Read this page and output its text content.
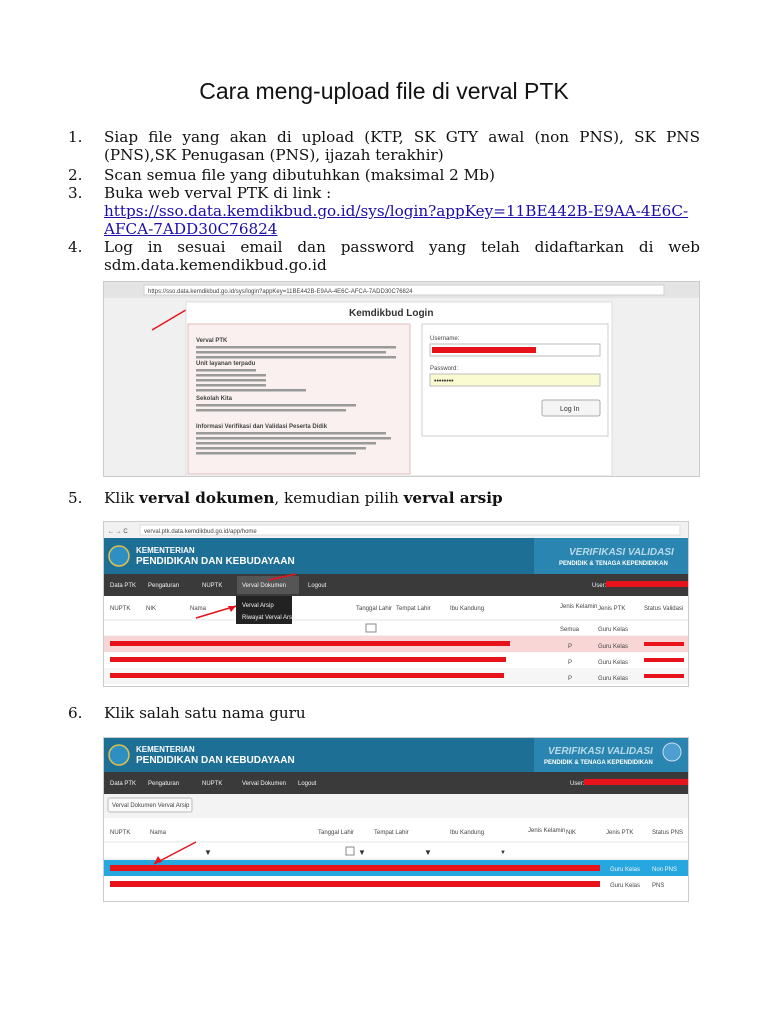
Cara meng-upload file di verval PTK
1.	Siap file yang akan di upload (KTP, SK GTY awal (non PNS), SK PNS (PNS),SK Penugasan (PNS), ijazah terakhir)
2.	Scan semua file yang dibutuhkan (maksimal 2 Mb)
3.	Buka web verval PTK di link :
https://sso.data.kemdikbud.go.id/sys/login?appKey=11BE442B-E9AA-4E6C-AFCA-7ADD30C76824
4.	Log in sesuai email dan password yang telah didaftarkan di web
sdm.data.kemendikbud.go.id
https://sso.data.kemdikbud.go.id/sys/login?appKey=11BE442B-E9AA-4E6C-AFCA-7ADD30C76824
Kemdikbud Login
Verval PTK
Unit layanan terpadu
Sekolah Kita
Informasi Verifikasi dan Validasi Peserta Didik
Username:
Password:
••••••••
Log In
5.	Klik verval dokumen, kemudian pilih verval arsip
← → C	verval.ptk.data.kemdikbud.go.id/app/home
KEMENTERIAN
PENDIDIKAN DAN KEBUDAYAAN
VERIFIKASI VALIDASI
PENDIDIK & TENAGA KEPENDIDIKAN
Data PTK Pengaturan	NUPTK	Verval Dokumen	Logout	User:
NUPTK	NIK	Nama	Tanggal Lahir Tempat Lahir	Ibu Kandung	Jenis Kelamin Jenis PTK	Status Validasi
Semua	Guru Kelas
P	Guru Kelas
P	Guru Kelas
P	Guru Kelas
Verval Arsip
Riwayat Verval Arsip
6.	Klik salah satu nama guru
KEMENTERIAN
PENDIDIKAN DAN KEBUDAYAAN
VERIFIKASI VALIDASI
PENDIDIK & TENAGA KEPENDIDIKAN
Data PTK Pengaturan	NUPTK	Verval Dokumen Logout	User:
Verval Dokumen Verval Arsip
NUPTK	Nama	Tanggal Lahir	Tempat Lahir	Ibu Kandung	Jenis Kelamin NIK	Jenis PTK	Status PNS
▼	▼	▼	▼
Guru Kelas Non PNS
Guru Kelas PNS
